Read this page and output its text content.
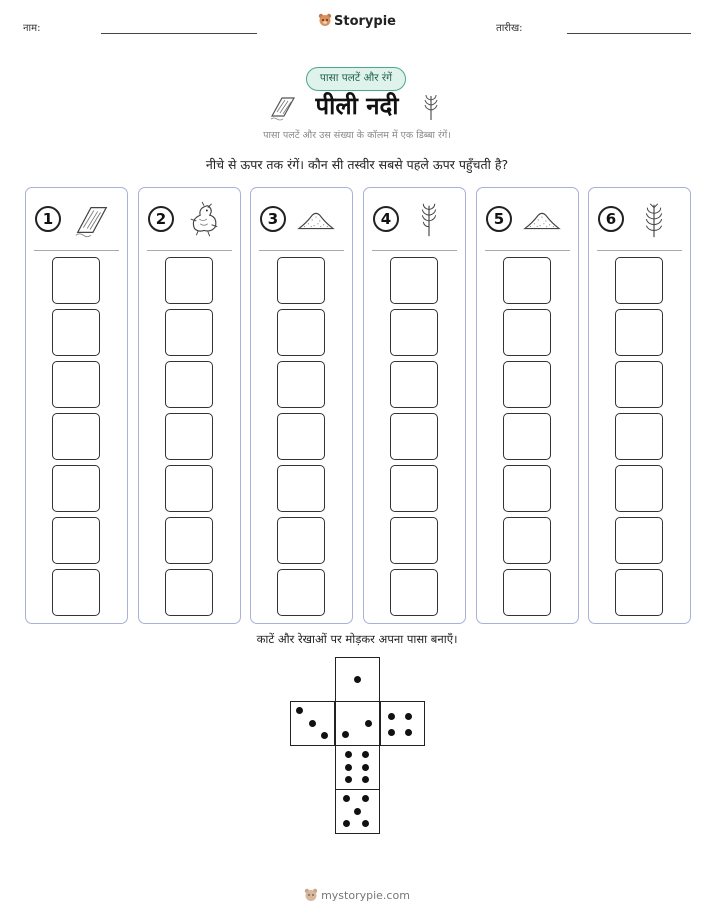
नाम:	Storypie	तारीख:
पासा पलटें और रंगें
पीली नदी
पासा पलटें और उस संख्या के कॉलम में एक डिब्बा रंगें।
नीचे से ऊपर तक रंगें। कौन सी तस्वीर सबसे पहले ऊपर पहुँचती है?
1	2	3	4	5	6
काटें और रेखाओं पर मोड़कर अपना पासा बनाएँ।
mystorypie.com
